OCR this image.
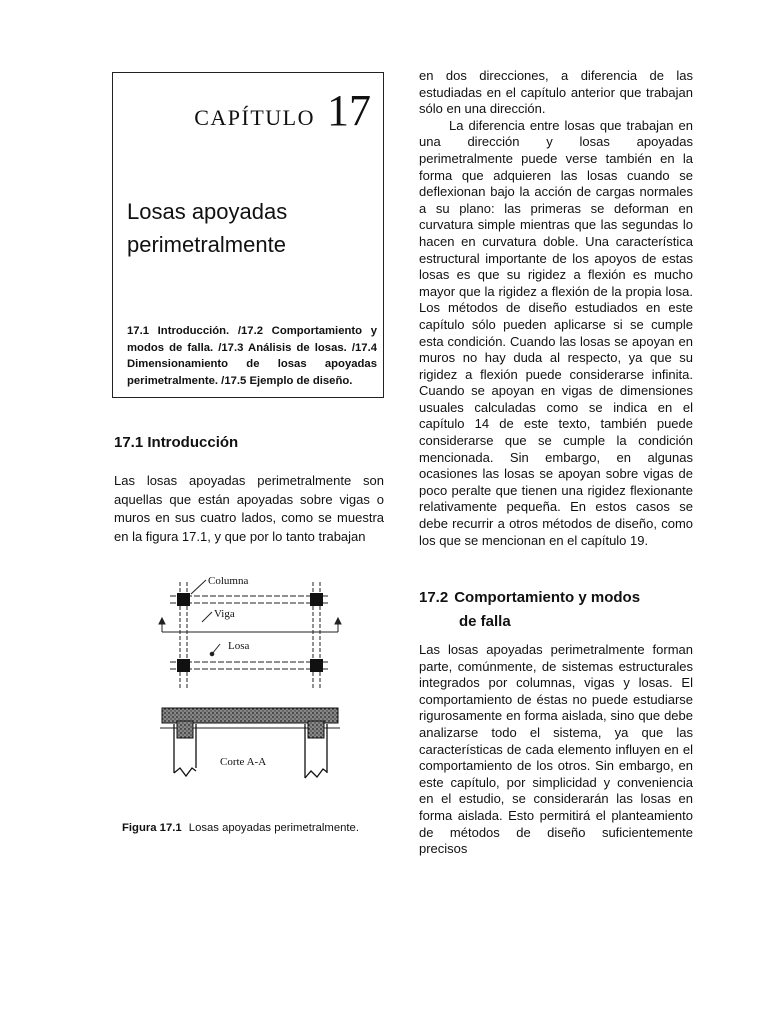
CAPÍTULO 17
Losas apoyadas perimetralmente

17.1 Introducción. /17.2 Comportamiento y modos de falla. /17.3 Análisis de losas. /17.4 Dimensionamiento de losas apoyadas perimetralmente. /17.5 Ejemplo de diseño.

17.1 Introducción

Las losas apoyadas perimetralmente son aquellas que están apoyadas sobre vigas o muros en sus cuatro lados, como se muestra en la figura 17.1, y que por lo tanto trabajan

Columna
Viga
Losa
Corte A-A

Figura 17.1 Losas apoyadas perimetralmente.

en dos direcciones, a diferencia de las estudiadas en el capítulo anterior que trabajan sólo en una dirección.

La diferencia entre losas que trabajan en una dirección y losas apoyadas perimetralmente puede verse también en la forma que adquieren las losas cuando se deflexionan bajo la acción de cargas normales a su plano: las primeras se deforman en curvatura simple mientras que las segundas lo hacen en curvatura doble. Una característica estructural importante de los apoyos de estas losas es que su rigidez a flexión es mucho mayor que la rigidez a flexión de la propia losa. Los métodos de diseño estudiados en este capítulo sólo pueden aplicarse si se cumple esta condición. Cuando las losas se apoyan en muros no hay duda al respecto, ya que su rigidez a flexión puede considerarse infinita. Cuando se apoyan en vigas de dimensiones usuales calculadas como se indica en el capítulo 14 de este texto, también puede considerarse que se cumple la condición mencionada. Sin embargo, en algunas ocasiones las losas se apoyan sobre vigas de poco peralte que tienen una rigidez flexionante relativamente pequeña. En estos casos se debe recurrir a otros métodos de diseño, como los que se mencionan en el capítulo 19.

17.2 Comportamiento y modos
de falla

Las losas apoyadas perimetralmente forman parte, comúnmente, de sistemas estructurales integrados por columnas, vigas y losas. El comportamiento de éstas no puede estudiarse rigurosamente en forma aislada, sino que debe analizarse todo el sistema, ya que las características de cada elemento influyen en el comportamiento de los otros. Sin embargo, en este capítulo, por simplicidad y conveniencia en el estudio, se considerarán las losas en forma aislada. Esto permitirá el planteamiento de métodos de diseño suficientemente precisos
